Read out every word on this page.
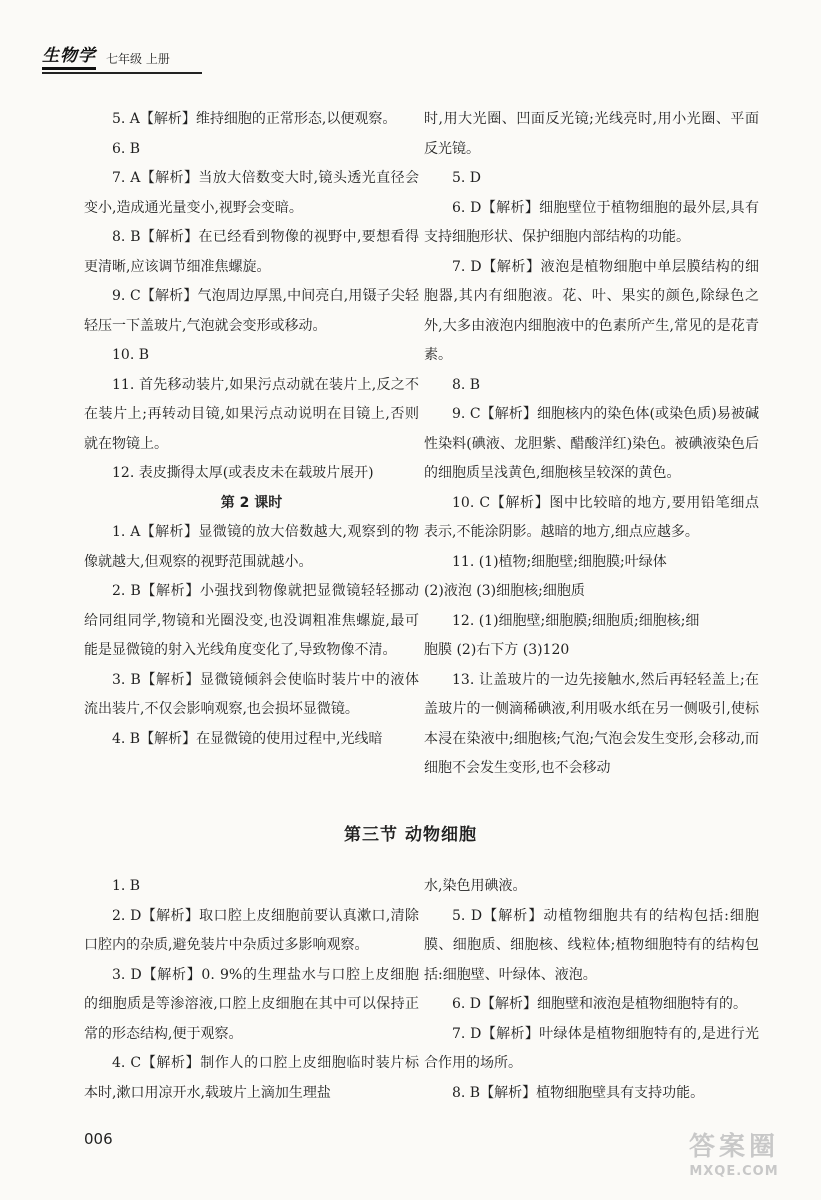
生物学 七年级 上册

5. A【解析】维持细胞的正常形态,以便观察。

6. B

7. A【解析】当放大倍数变大时,镜头透光直径会变小,造成通光量变小,视野会变暗。

8. B【解析】在已经看到物像的视野中,要想看得更清晰,应该调节细准焦螺旋。

9. C【解析】气泡周边厚黑,中间亮白,用镊子尖轻轻压一下盖玻片,气泡就会变形或移动。

10. B

11. 首先移动装片,如果污点动就在装片上,反之不在装片上;再转动目镜,如果污点动说明在目镜上,否则就在物镜上。

12. 表皮撕得太厚(或表皮未在载玻片展开)

第 2 课时

1. A【解析】显微镜的放大倍数越大,观察到的物像就越大,但观察的视野范围就越小。

2. B【解析】小强找到物像就把显微镜轻轻挪动给同组同学,物镜和光圈没变,也没调粗准焦螺旋,最可能是显微镜的射入光线角度变化了,导致物像不清。

3. B【解析】显微镜倾斜会使临时装片中的液体流出装片,不仅会影响观察,也会损坏显微镜。

4. B【解析】在显微镜的使用过程中,光线暗

时,用大光圈、凹面反光镜;光线亮时,用小光圈、平面反光镜。

5. D

6. D【解析】细胞壁位于植物细胞的最外层,具有支持细胞形状、保护细胞内部结构的功能。

7. D【解析】液泡是植物细胞中单层膜结构的细胞器,其内有细胞液。花、叶、果实的颜色,除绿色之外,大多由液泡内细胞液中的色素所产生,常见的是花青素。

8. B

9. C【解析】细胞核内的染色体(或染色质)易被碱性染料(碘液、龙胆紫、醋酸洋红)染色。被碘液染色后的细胞质呈浅黄色,细胞核呈较深的黄色。

10. C【解析】图中比较暗的地方,要用铅笔细点表示,不能涂阴影。越暗的地方,细点应越多。

11. (1)植物;细胞壁;细胞膜;叶绿体

(2)液泡 (3)细胞核;细胞质

12. (1)细胞壁;细胞膜;细胞质;细胞核;细

胞膜 (2)右下方 (3)120

13. 让盖玻片的一边先接触水,然后再轻轻盖上;在盖玻片的一侧滴稀碘液,利用吸水纸在另一侧吸引,使标本浸在染液中;细胞核;气泡;气泡会发生变形,会移动,而细胞不会发生变形,也不会移动

第三节 动物细胞

1. B

2. D【解析】取口腔上皮细胞前要认真漱口,清除口腔内的杂质,避免装片中杂质过多影响观察。

3. D【解析】0. 9%的生理盐水与口腔上皮细胞的细胞质是等渗溶液,口腔上皮细胞在其中可以保持正常的形态结构,便于观察。

4. C【解析】制作人的口腔上皮细胞临时装片标本时,漱口用凉开水,载玻片上滴加生理盐

水,染色用碘液。

5. D【解析】动植物细胞共有的结构包括:细胞膜、细胞质、细胞核、线粒体;植物细胞特有的结构包括:细胞壁、叶绿体、液泡。

6. D【解析】细胞壁和液泡是植物细胞特有的。

7. D【解析】叶绿体是植物细胞特有的,是进行光合作用的场所。

8. B【解析】植物细胞壁具有支持功能。

006	答案圈
MXQE.COM
